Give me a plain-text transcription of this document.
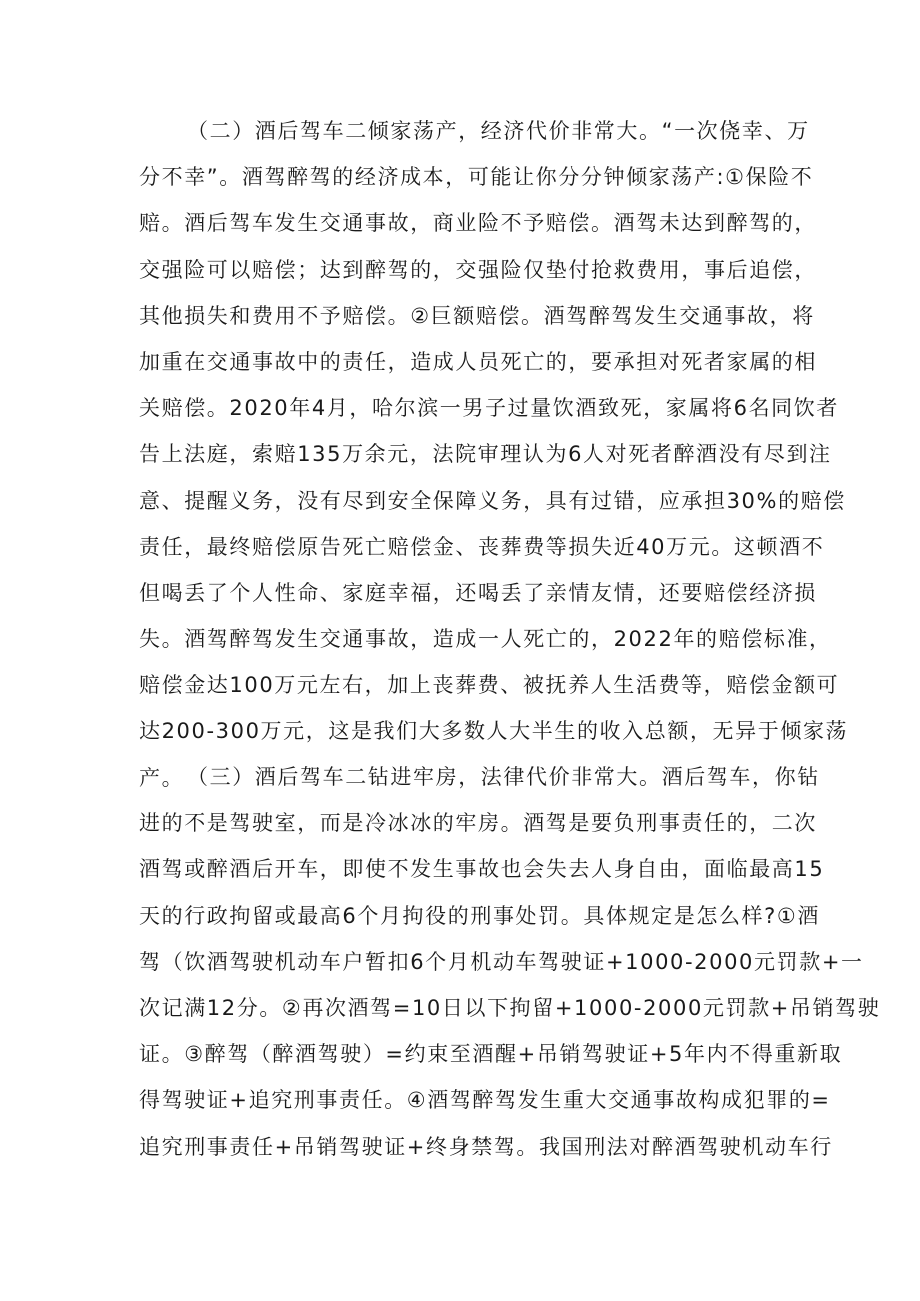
（二）酒后驾车二倾家荡产，经济代价非常大。“一次侥幸、万
分不幸”。酒驾醉驾的经济成本，可能让你分分钟倾家荡产:①保险不
赔。酒后驾车发生交通事故，商业险不予赔偿。酒驾未达到醉驾的，
交强险可以赔偿；达到醉驾的，交强险仅垫付抢救费用，事后追偿，
其他损失和费用不予赔偿。②巨额赔偿。酒驾醉驾发生交通事故，将
加重在交通事故中的责任，造成人员死亡的，要承担对死者家属的相
关赔偿。2020年4月，哈尔滨一男子过量饮酒致死，家属将6名同饮者
告上法庭，索赔135万余元，法院审理认为6人对死者醉酒没有尽到注
意、提醒义务，没有尽到安全保障义务，具有过错，应承担30%的赔偿
责任，最终赔偿原告死亡赔偿金、丧葬费等损失近40万元。这顿酒不
但喝丢了个人性命、家庭幸福，还喝丢了亲情友情，还要赔偿经济损
失。酒驾醉驾发生交通事故，造成一人死亡的，2022年的赔偿标准，
赔偿金达100万元左右，加上丧葬费、被抚养人生活费等，赔偿金额可
达200-300万元，这是我们大多数人大半生的收入总额，无异于倾家荡
产。 （三）酒后驾车二钻进牢房，法律代价非常大。酒后驾车，你钻
进的不是驾驶室，而是冷冰冰的牢房。酒驾是要负刑事责任的，二次
酒驾或醉酒后开车，即使不发生事故也会失去人身自由，面临最高15
天的行政拘留或最高6个月拘役的刑事处罚。具体规定是怎么样?①酒
驾（饮酒驾驶机动车户暂扣6个月机动车驾驶证+1000-2000元罚款+一
次记满12分。②再次酒驾=10日以下拘留+1000-2000元罚款+吊销驾驶
证。③醉驾（醉酒驾驶）=约束至酒醒+吊销驾驶证+5年内不得重新取
得驾驶证+追究刑事责任。④酒驾醉驾发生重大交通事故构成犯罪的=
追究刑事责任+吊销驾驶证+终身禁驾。我国刑法对醉酒驾驶机动车行
